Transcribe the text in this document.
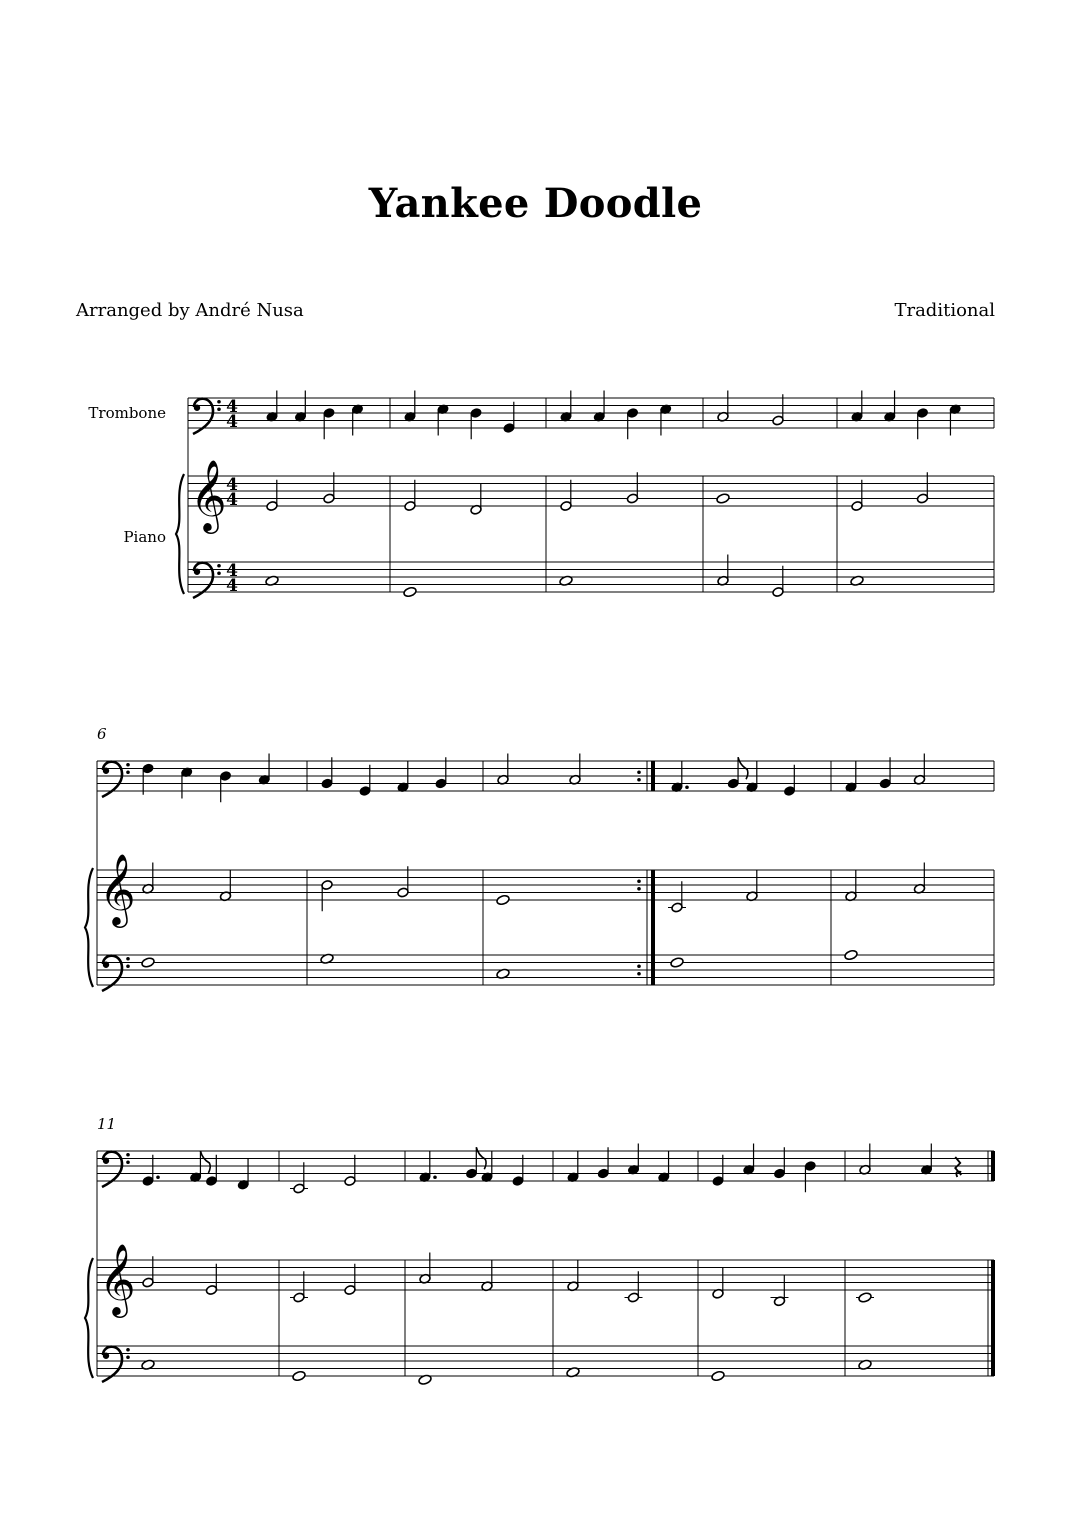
Yankee Doodle
Arranged by André Nusa	Traditional
𝄞
4
4
4
4
4
4
Trombone
Piano
𝄞
6
𝄞
11
